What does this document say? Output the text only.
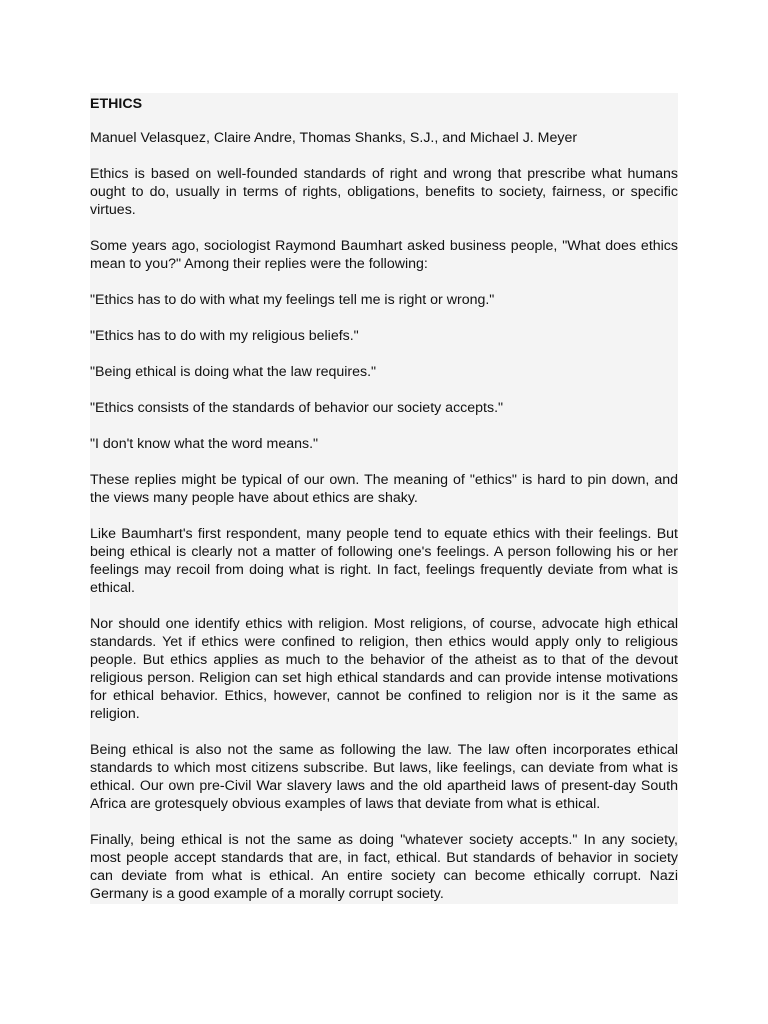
ETHICS

Manuel Velasquez, Claire Andre, Thomas Shanks, S.J., and Michael J. Meyer

Ethics is based on well-founded standards of right and wrong that prescribe what humans ought to do, usually in terms of rights, obligations, benefits to society, fairness, or specific virtues.

Some years ago, sociologist Raymond Baumhart asked business people, "What does ethics mean to you?" Among their replies were the following:

"Ethics has to do with what my feelings tell me is right or wrong."

"Ethics has to do with my religious beliefs."

"Being ethical is doing what the law requires."

"Ethics consists of the standards of behavior our society accepts."

"I don't know what the word means."

These replies might be typical of our own. The meaning of "ethics" is hard to pin down, and the views many people have about ethics are shaky.

Like Baumhart's first respondent, many people tend to equate ethics with their feelings. But being ethical is clearly not a matter of following one's feelings. A person following his or her feelings may recoil from doing what is right. In fact, feelings frequently deviate from what is ethical.

Nor should one identify ethics with religion. Most religions, of course, advocate high ethical standards. Yet if ethics were confined to religion, then ethics would apply only to religious people. But ethics applies as much to the behavior of the atheist as to that of the devout religious person. Religion can set high ethical standards and can provide intense motivations for ethical behavior. Ethics, however, cannot be confined to religion nor is it the same as religion.

Being ethical is also not the same as following the law. The law often incorporates ethical standards to which most citizens subscribe. But laws, like feelings, can deviate from what is ethical. Our own pre-Civil War slavery laws and the old apartheid laws of present-day South Africa are grotesquely obvious examples of laws that deviate from what is ethical.

Finally, being ethical is not the same as doing "whatever society accepts." In any society, most people accept standards that are, in fact, ethical. But standards of behavior in society can deviate from what is ethical. An entire society can become ethically corrupt. Nazi Germany is a good example of a morally corrupt society.
